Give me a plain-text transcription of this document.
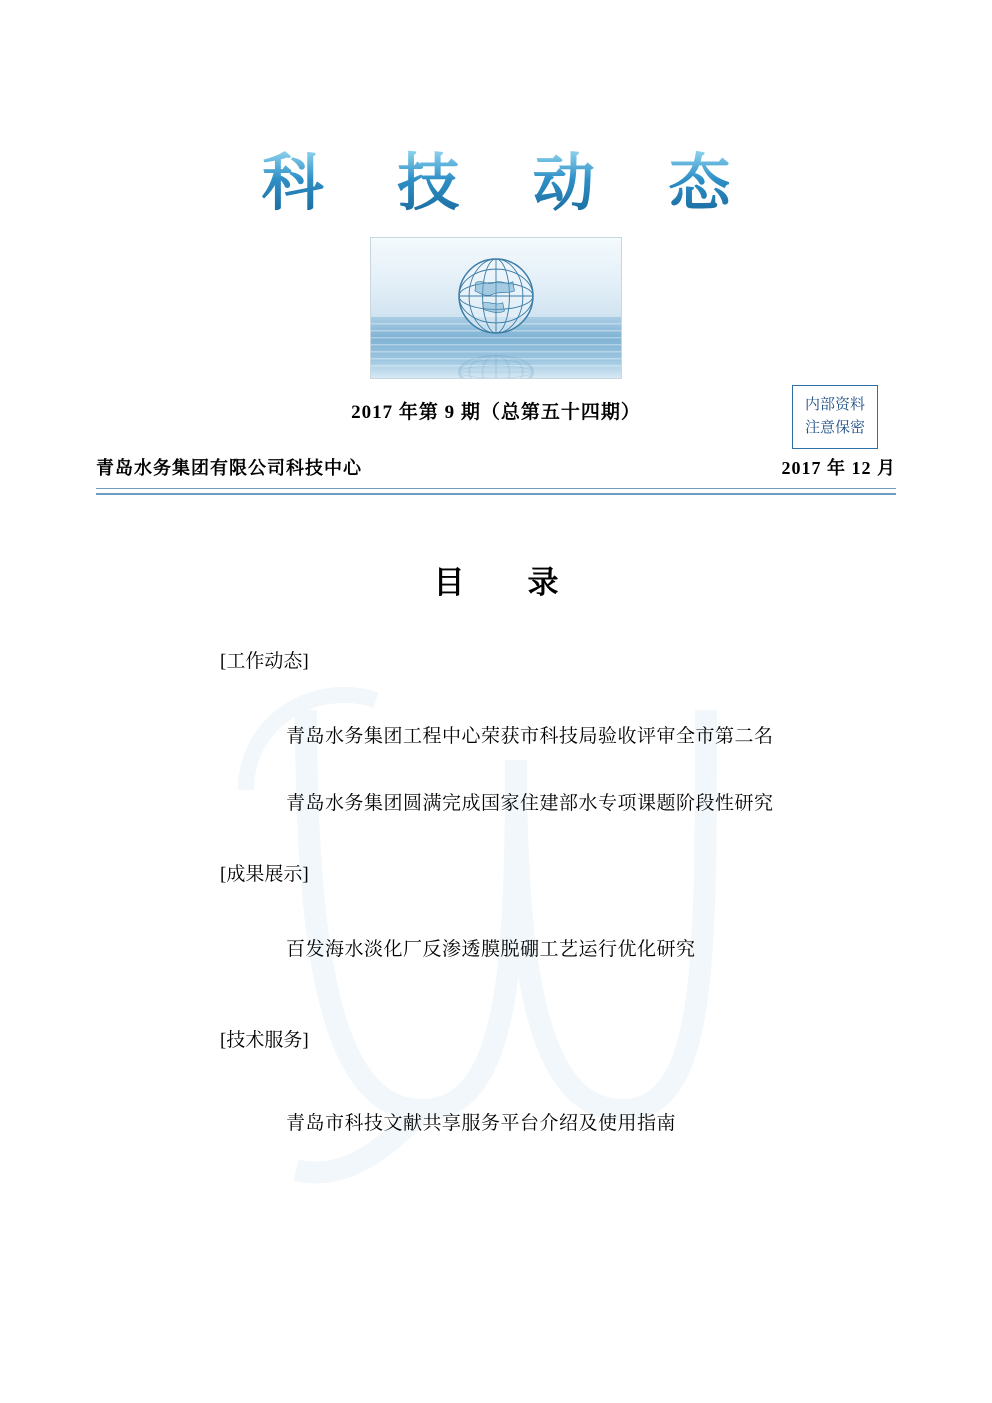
科 技 动 态
2017 年第 9 期（总第五十四期）	内部资料
注意保密
青岛水务集团有限公司科技中心	2017 年 12 月
目　录
[工作动态]
青岛水务集团工程中心荣获市科技局验收评审全市第二名
青岛水务集团圆满完成国家住建部水专项课题阶段性研究
[成果展示]
百发海水淡化厂反渗透膜脱硼工艺运行优化研究
[技术服务]
青岛市科技文献共享服务平台介绍及使用指南
